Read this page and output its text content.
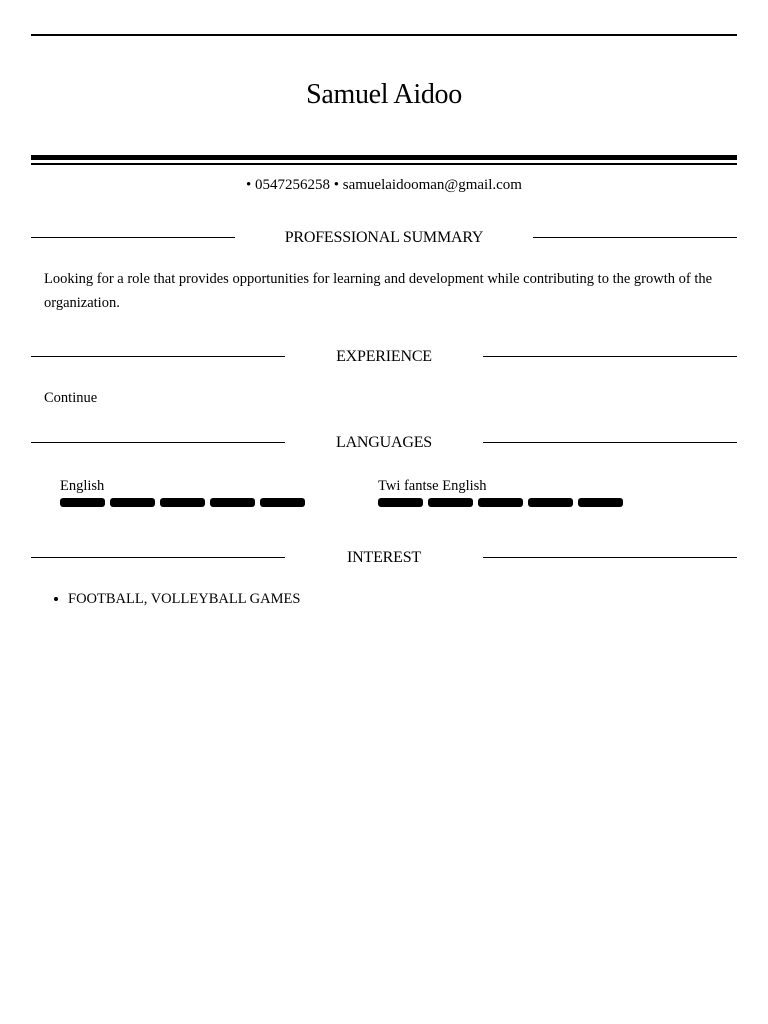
Samuel Aidoo
• 0547256258 • samuelaidooman@gmail.com
PROFESSIONAL SUMMARY
Looking for a role that provides opportunities for learning and development while contributing to the growth of the organization.
EXPERIENCE
Continue
LANGUAGES
English	Twi fantse English
INTEREST
FOOTBALL, VOLLEYBALL GAMES
